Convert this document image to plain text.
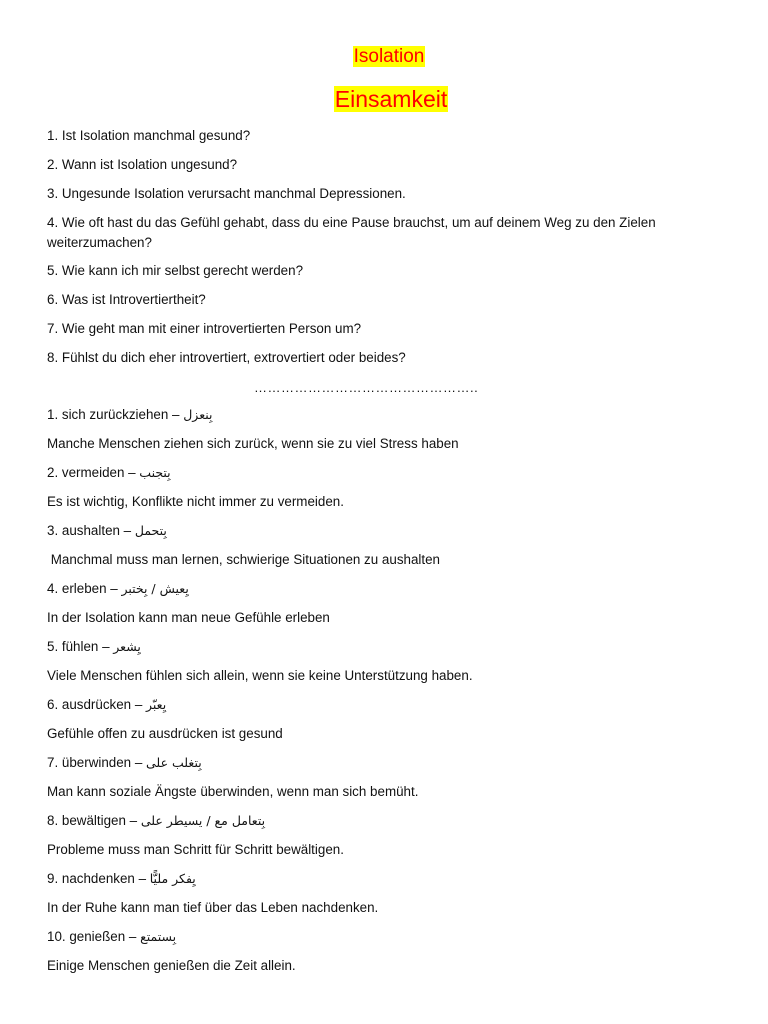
Isolation
Einsamkeit
1. Ist Isolation manchmal gesund?
2. Wann ist Isolation ungesund?
3. Ungesunde Isolation verursacht manchmal Depressionen.
4. Wie oft hast du das Gefühl gehabt, dass du eine Pause brauchst, um auf deinem Weg zu den Zielen weiterzumachen?
5. Wie kann ich mir selbst gerecht werden?
6. Was ist Introvertiertheit?
7. Wie geht man mit einer introvertierten Person um?
8. Fühlst du dich eher introvertiert, extrovertiert oder beides?
…………………………………………..
1. sich zurückziehen – بِنعزل
Manche Menschen ziehen sich zurück, wenn sie zu viel Stress haben
2. vermeiden – بِتجنب
Es ist wichtig, Konflikte nicht immer zu vermeiden.
3. aushalten – بِتحمل
Manchmal muss man lernen, schwierige Situationen zu aushalten
4. erleben – يِعيش / بِختبر
In der Isolation kann man neue Gefühle erleben
5. fühlen – يِشعر
Viele Menschen fühlen sich allein, wenn sie keine Unterstützung haben.
6. ausdrücken – يِعبّر
Gefühle offen zu ausdrücken ist gesund
7. überwinden – بِتغلب على
Man kann soziale Ängste überwinden, wenn man sich bemüht.
8. bewältigen – بِتعامل مع / يسيطر على
Probleme muss man Schritt für Schritt bewältigen.
9. nachdenken – يِفكر مليًّا
In der Ruhe kann man tief über das Leben nachdenken.
10. genießen – بِستمتع
Einige Menschen genießen die Zeit allein.
